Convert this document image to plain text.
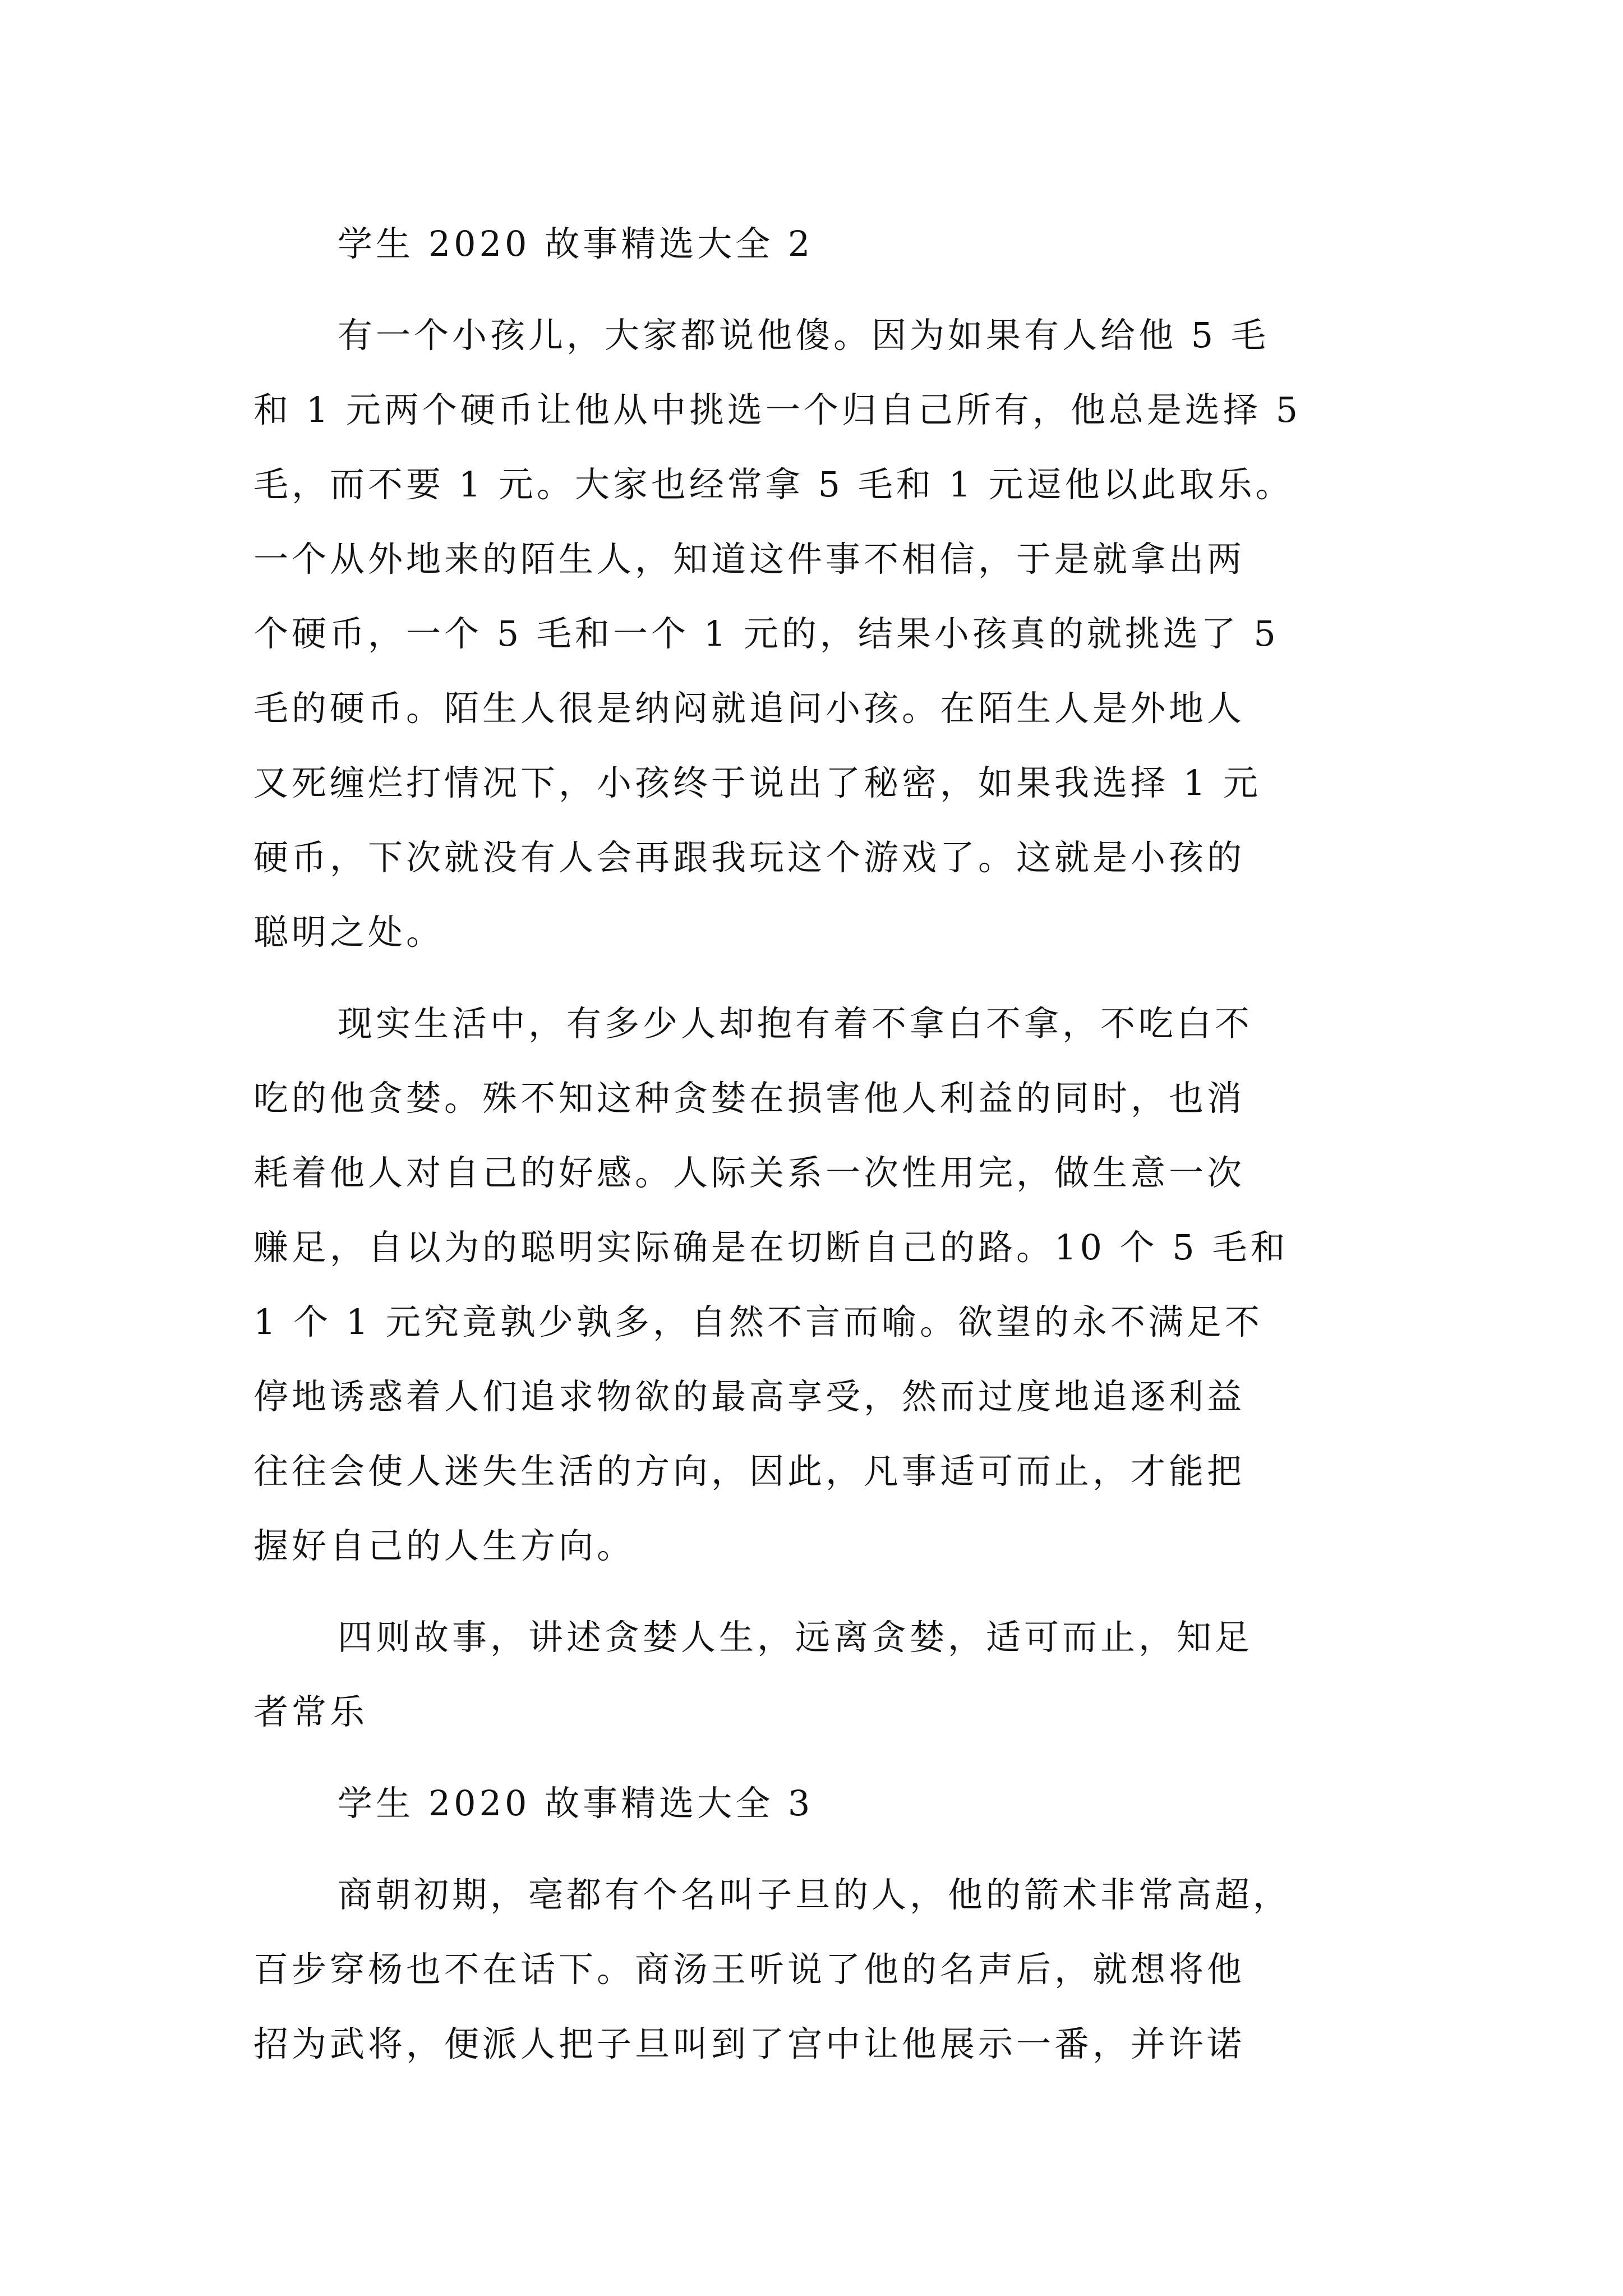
学生 2020 故事精选大全 2

有一个小孩儿，大家都说他傻。因为如果有人给他 5 毛

和 1 元两个硬币让他从中挑选一个归自己所有，他总是选择 5

毛，而不要 1 元。大家也经常拿 5 毛和 1 元逗他以此取乐。

一个从外地来的陌生人，知道这件事不相信，于是就拿出两

个硬币，一个 5 毛和一个 1 元的，结果小孩真的就挑选了 5

毛的硬币。陌生人很是纳闷就追问小孩。在陌生人是外地人

又死缠烂打情况下，小孩终于说出了秘密，如果我选择 1 元

硬币，下次就没有人会再跟我玩这个游戏了。这就是小孩的

聪明之处。

现实生活中，有多少人却抱有着不拿白不拿，不吃白不

吃的他贪婪。殊不知这种贪婪在损害他人利益的同时，也消

耗着他人对自己的好感。人际关系一次性用完，做生意一次

赚足，自以为的聪明实际确是在切断自己的路。10 个 5 毛和

1 个 1 元究竟孰少孰多，自然不言而喻。欲望的永不满足不

停地诱惑着人们追求物欲的最高享受，然而过度地追逐利益

往往会使人迷失生活的方向，因此，凡事适可而止，才能把

握好自己的人生方向。

四则故事，讲述贪婪人生，远离贪婪，适可而止，知足

者常乐

学生 2020 故事精选大全 3

商朝初期，亳都有个名叫子旦的人，他的箭术非常高超，

百步穿杨也不在话下。商汤王听说了他的名声后，就想将他

招为武将，便派人把子旦叫到了宫中让他展示一番，并许诺
